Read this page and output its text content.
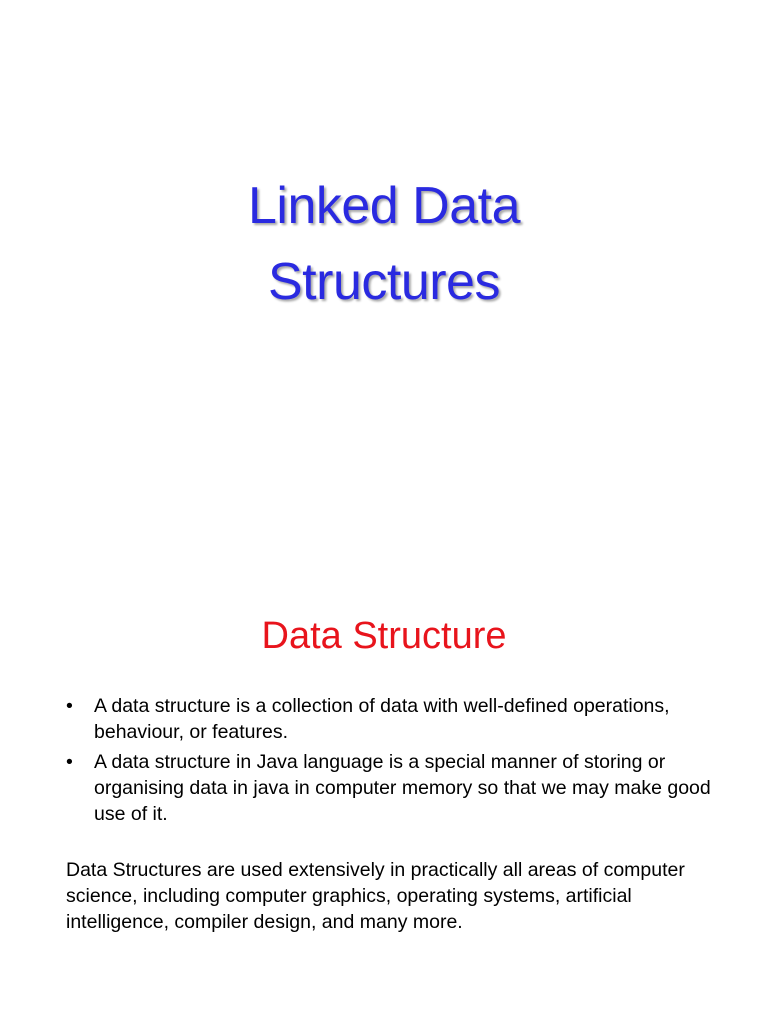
Linked Data
Structures
Data Structure
• A data structure is a collection of data with well-defined operations, behaviour, or features.
• A data structure in Java language is a special manner of storing or organising data in java in computer memory so that we may make good use of it.

Data Structures are used extensively in practically all areas of computer science, including computer graphics, operating systems, artificial intelligence, compiler design, and many more.
